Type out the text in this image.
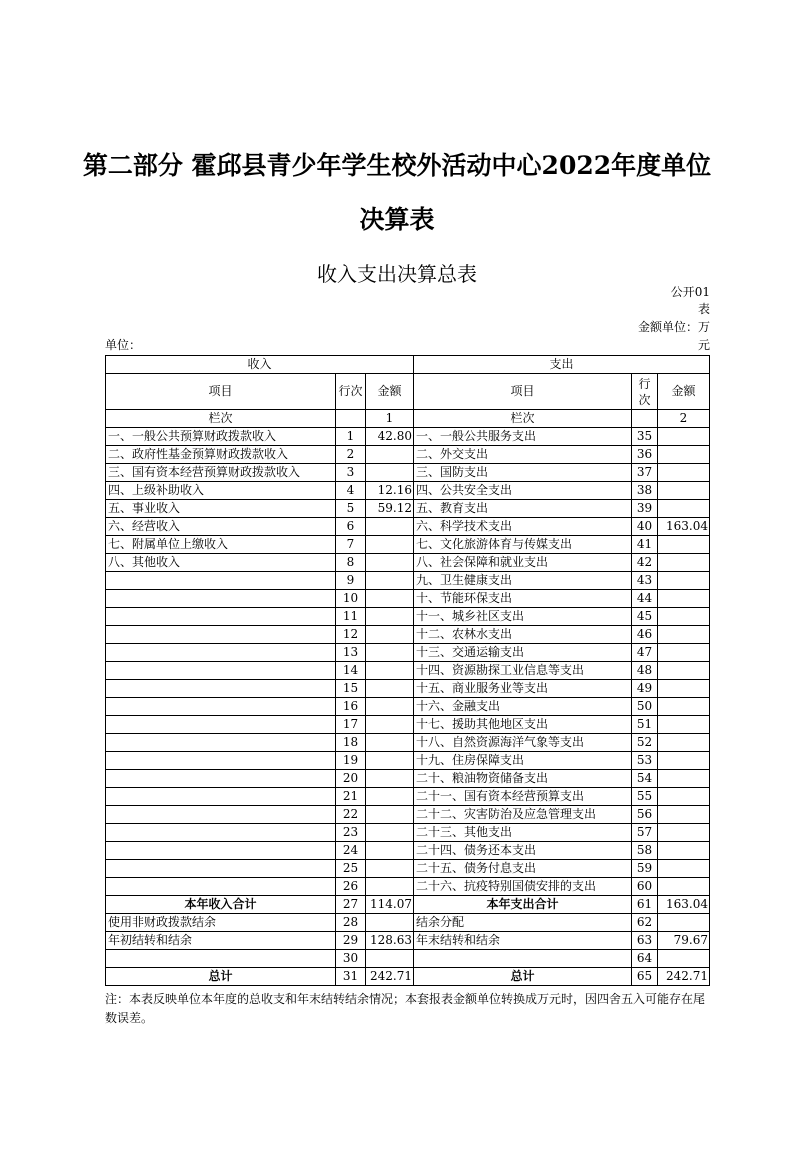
第二部分 霍邱县青少年学生校外活动中心2022年度单位
决算表
收入支出决算总表
公开01
表
金额单位：万
元
单位：
收入			支出		
项目	行次	金额	项目	行次	金额
栏次		1	栏次		2
一、一般公共预算财政拨款收入	1	42.80	一、一般公共服务支出	35	
二、政府性基金预算财政拨款收入	2		二、外交支出	36	
三、国有资本经营预算财政拨款收入	3		三、国防支出	37	
四、上级补助收入	4	12.16	四、公共安全支出	38	
五、事业收入	5	59.12	五、教育支出	39	
六、经营收入	6		六、科学技术支出	40	163.04
七、附属单位上缴收入	7		七、文化旅游体育与传媒支出	41	
八、其他收入	8		八、社会保障和就业支出	42	
	9		九、卫生健康支出	43	
	10		十、节能环保支出	44	
	11		十一、城乡社区支出	45	
	12		十二、农林水支出	46	
	13		十三、交通运输支出	47	
	14		十四、资源勘探工业信息等支出	48	
	15		十五、商业服务业等支出	49	
	16		十六、金融支出	50	
	17		十七、援助其他地区支出	51	
	18		十八、自然资源海洋气象等支出	52	
	19		十九、住房保障支出	53	
	20		二十、粮油物资储备支出	54	
	21		二十一、国有资本经营预算支出	55	
	22		二十二、灾害防治及应急管理支出	56	
	23		二十三、其他支出	57	
	24		二十四、债务还本支出	58	
	25		二十五、债务付息支出	59	
	26		二十六、抗疫特别国债安排的支出	60	
本年收入合计	27	114.07	本年支出合计	61	163.04
使用非财政拨款结余	28		结余分配	62	
年初结转和结余	29	128.63	年末结转和结余	63	79.67
	30			64	
总计	31	242.71	总计	65	242.71
注：本表反映单位本年度的总收支和年末结转结余情况；本套报表金额单位转换成万元时，因四舍五入可能存在尾数误差。
